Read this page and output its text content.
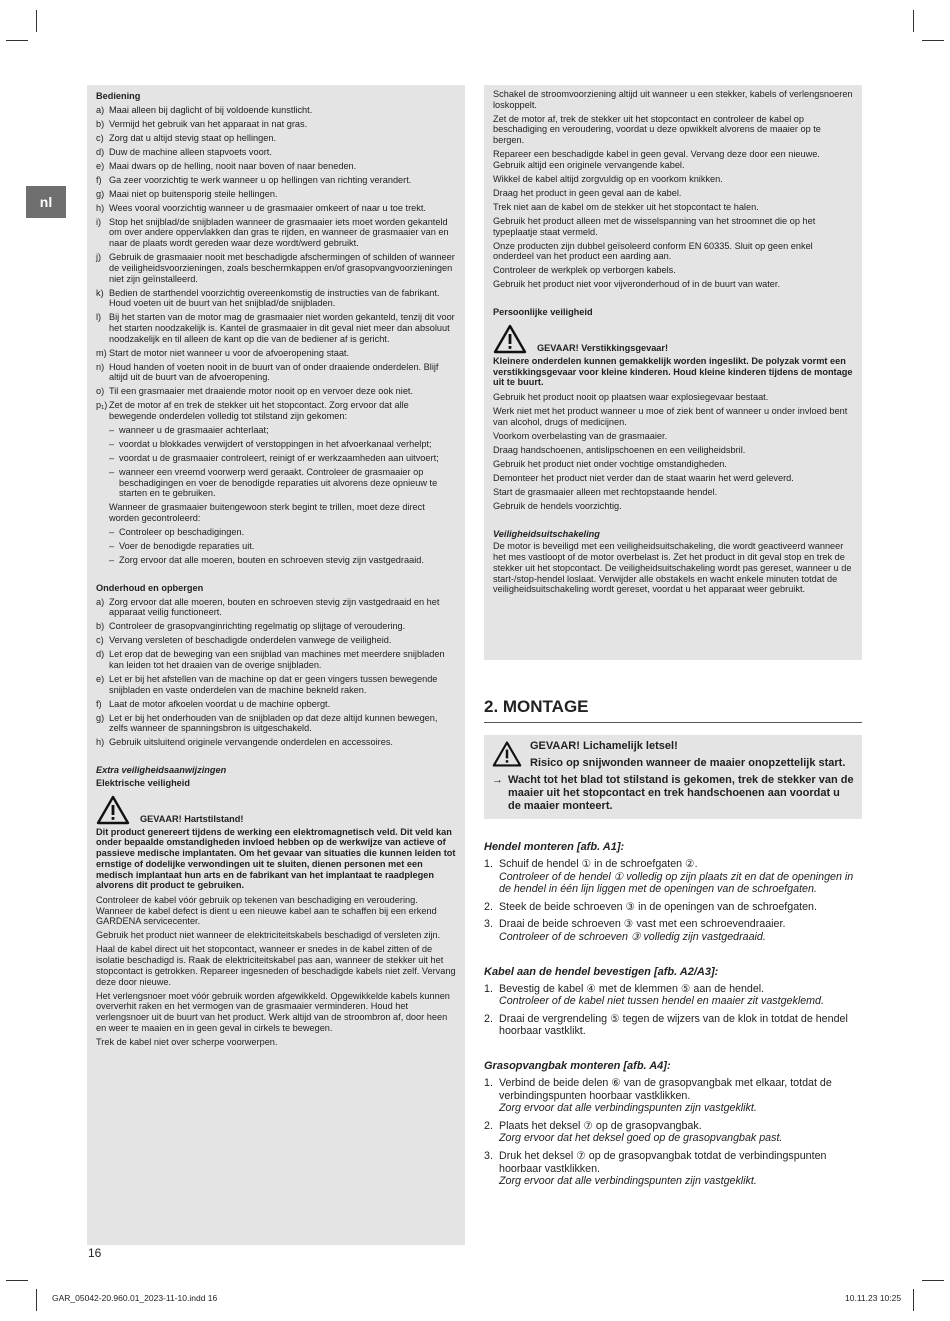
nl
Bediening
a) Maai alleen bij daglicht of bij voldoende kunstlicht.
b) Vermijd het gebruik van het apparaat in nat gras.
c) Zorg dat u altijd stevig staat op hellingen.
d) Duw de machine alleen stapvoets voort.
e) Maai dwars op de helling, nooit naar boven of naar beneden.
f) Ga zeer voorzichtig te werk wanneer u op hellingen van richting verandert.
g) Maai niet op buitensporig steile hellingen.
h) Wees vooral voorzichtig wanneer u de grasmaaier omkeert of naar u toe trekt.
i) Stop het snijblad/de snijbladen wanneer de grasmaaier iets moet worden gekanteld om over andere oppervlakken dan gras te rijden, en wanneer de grasmaaier van en naar de plaats wordt gereden waar deze wordt/werd gebruikt.
j) Gebruik de grasmaaier nooit met beschadigde afschermingen of schilden of wanneer de veiligheidsvoorzieningen, zoals beschermkappen en/of grasopvangvoorzieningen niet zijn geïnstalleerd.
k) Bedien de starthendel voorzichtig overeenkomstig de instructies van de fabrikant. Houd voeten uit de buurt van het snijblad/de snijbladen.
l) Bij het starten van de motor mag de grasmaaier niet worden gekanteld, tenzij dit voor het starten noodzakelijk is. Kantel de grasmaaier in dit geval niet meer dan absoluut noodzakelijk en til alleen de kant op die van de bediener af is gericht.
m) Start de motor niet wanneer u voor de afvoeropening staat.
n) Houd handen of voeten nooit in de buurt van of onder draaiende onderdelen. Blijf altijd uit de buurt van de afvoeropening.
o) Til een grasmaaier met draaiende motor nooit op en vervoer deze ook niet.
p₁) Zet de motor af en trek de stekker uit het stopcontact. Zorg ervoor dat alle bewegende onderdelen volledig tot stilstand zijn gekomen:
– wanneer u de grasmaaier achterlaat;
– voordat u blokkades verwijdert of verstoppingen in het afvoerkanaal verhelpt;
– voordat u de grasmaaier controleert, reinigt of er werkzaamheden aan uitvoert;
– wanneer een vreemd voorwerp werd geraakt. Controleer de grasmaaier op beschadigingen en voer de benodigde reparaties uit alvorens deze opnieuw te starten en te gebruiken.
Wanneer de grasmaaier buitengewoon sterk begint te trillen, moet deze direct worden gecontroleerd:
– Controleer op beschadigingen.
– Voer de benodigde reparaties uit.
– Zorg ervoor dat alle moeren, bouten en schroeven stevig zijn vastgedraaid.
Onderhoud en opbergen
a) Zorg ervoor dat alle moeren, bouten en schroeven stevig zijn vastgedraaid en het apparaat veilig functioneert.
b) Controleer de grasopvanginrichting regelmatig op slijtage of veroudering.
c) Vervang versleten of beschadigde onderdelen vanwege de veiligheid.
d) Let erop dat de beweging van een snijblad van machines met meerdere snijbladen kan leiden tot het draaien van de overige snijbladen.
e) Let er bij het afstellen van de machine op dat er geen vingers tussen bewegende snijbladen en vaste onderdelen van de machine bekneld raken.
f) Laat de motor afkoelen voordat u de machine opbergt.
g) Let er bij het onderhouden van de snijbladen op dat deze altijd kunnen bewegen, zelfs wanneer de spanningsbron is uitgeschakeld.
h) Gebruik uitsluitend originele vervangende onderdelen en accessoires.
Extra veiligheidsaanwijzingen
Elektrische veiligheid
GEVAAR! Hartstilstand!
Dit product genereert tijdens de werking een elektromagnetisch veld. Dit veld kan onder bepaalde omstandigheden invloed hebben op de werkwijze van actieve of passieve medische implantaten. Om het gevaar van situaties die kunnen leiden tot ernstige of dodelijke verwondingen uit te sluiten, dienen personen met een medisch implantaat hun arts en de fabrikant van het implantaat te raadplegen alvorens dit product te gebruiken.
Controleer de kabel vóór gebruik op tekenen van beschadiging en veroudering. Wanneer de kabel defect is dient u een nieuwe kabel aan te schaffen bij een erkend GARDENA servicecenter.
Gebruik het product niet wanneer de elektriciteitskabels beschadigd of versleten zijn.
Haal de kabel direct uit het stopcontact, wanneer er snedes in de kabel zitten of de isolatie beschadigd is. Raak de elektriciteitskabel pas aan, wanneer de stekker uit het stopcontact is getrokken. Repareer ingesneden of beschadigde kabels niet zelf. Vervang deze door nieuwe.
Het verlengsnoer moet vóór gebruik worden afgewikkeld. Opgewikkelde kabels kunnen oververhit raken en het vermogen van de grasmaaier verminderen. Houd het verlengsnoer uit de buurt van het product. Werk altijd van de stroombron af, door heen en weer te maaien en in geen geval in cirkels te bewegen.
Trek de kabel niet over scherpe voorwerpen.
Schakel de stroomvoorziening altijd uit wanneer u een stekker, kabels of verlengsnoeren loskoppelt.
Zet de motor af, trek de stekker uit het stopcontact en controleer de kabel op beschadiging en veroudering, voordat u deze opwikkelt alvorens de maaier op te bergen.
Repareer een beschadigde kabel in geen geval. Vervang deze door een nieuwe. Gebruik altijd een originele vervangende kabel.
Wikkel de kabel altijd zorgvuldig op en voorkom knikken.
Draag het product in geen geval aan de kabel.
Trek niet aan de kabel om de stekker uit het stopcontact te halen.
Gebruik het product alleen met de wisselspanning van het stroomnet die op het typeplaatje staat vermeld.
Onze producten zijn dubbel geïsoleerd conform EN 60335. Sluit op geen enkel onderdeel van het product een aarding aan.
Controleer de werkplek op verborgen kabels.
Gebruik het product niet voor vijveronderhoud of in de buurt van water.
Persoonlijke veiligheid
GEVAAR! Verstikkingsgevaar!
Kleinere onderdelen kunnen gemakkelijk worden ingeslikt. De polyzak vormt een verstikkingsgevaar voor kleine kinderen. Houd kleine kinderen tijdens de montage uit te buurt.
Gebruik het product nooit op plaatsen waar explosiegevaar bestaat.
Werk niet met het product wanneer u moe of ziek bent of wanneer u onder invloed bent van alcohol, drugs of medicijnen.
Voorkom overbelasting van de grasmaaier.
Draag handschoenen, antislipschoenen en een veiligheidsbril.
Gebruik het product niet onder vochtige omstandigheden.
Demonteer het product niet verder dan de staat waarin het werd geleverd.
Start de grasmaaier alleen met rechtopstaande hendel.
Gebruik de hendels voorzichtig.
Veiligheidsuitschakeling
De motor is beveiligd met een veiligheidsuitschakeling, die wordt geactiveerd wanneer het mes vastloopt of de motor overbelast is. Zet het product in dit geval stop en trek de stekker uit het stopcontact. De veiligheidsuitschakeling wordt pas gereset, wanneer u de start-/stop-hendel loslaat. Verwijder alle obstakels en wacht enkele minuten totdat de veiligheidsuitschakeling wordt gereset, voordat u het apparaat weer gebruikt.
2. MONTAGE
GEVAAR! Lichamelijk letsel!
Risico op snijwonden wanneer de maaier onopzettelijk start.
→ Wacht tot het blad tot stilstand is gekomen, trek de stekker van de maaier uit het stopcontact en trek handschoenen aan voordat u de maaier monteert.
Hendel monteren [afb. A1]:
1. Schuif de hendel ① in de schroefgaten ②.
Controleer of de hendel ① volledig op zijn plaats zit en dat de openingen in de hendel in één lijn liggen met de openingen van de schroefgaten.
2. Steek de beide schroeven ③ in de openingen van de schroefgaten.
3. Draai de beide schroeven ③ vast met een schroevendraaier.
Controleer of de schroeven ③ volledig zijn vastgedraaid.
Kabel aan de hendel bevestigen [afb. A2/A3]:
1. Bevestig de kabel ④ met de klemmen ⑤ aan de hendel.
Controleer of de kabel niet tussen hendel en maaier zit vastgeklemd.
2. Draai de vergrendeling ⑤ tegen de wijzers van de klok in totdat de hendel hoorbaar vastklikt.
Grasopvangbak monteren [afb. A4]:
1. Verbind de beide delen ⑥ van de grasopvangbak met elkaar, totdat de verbindingspunten hoorbaar vastklikken.
Zorg ervoor dat alle verbindingspunten zijn vastgeklikt.
2. Plaats het deksel ⑦ op de grasopvangbak.
Zorg ervoor dat het deksel goed op de grasopvangbak past.
3. Druk het deksel ⑦ op de grasopvangbak totdat de verbindingspunten hoorbaar vastklikken.
Zorg ervoor dat alle verbindingspunten zijn vastgeklikt.
16
GAR_05042-20.960.01_2023-11-10.indd 16	10.11.23 10:25
